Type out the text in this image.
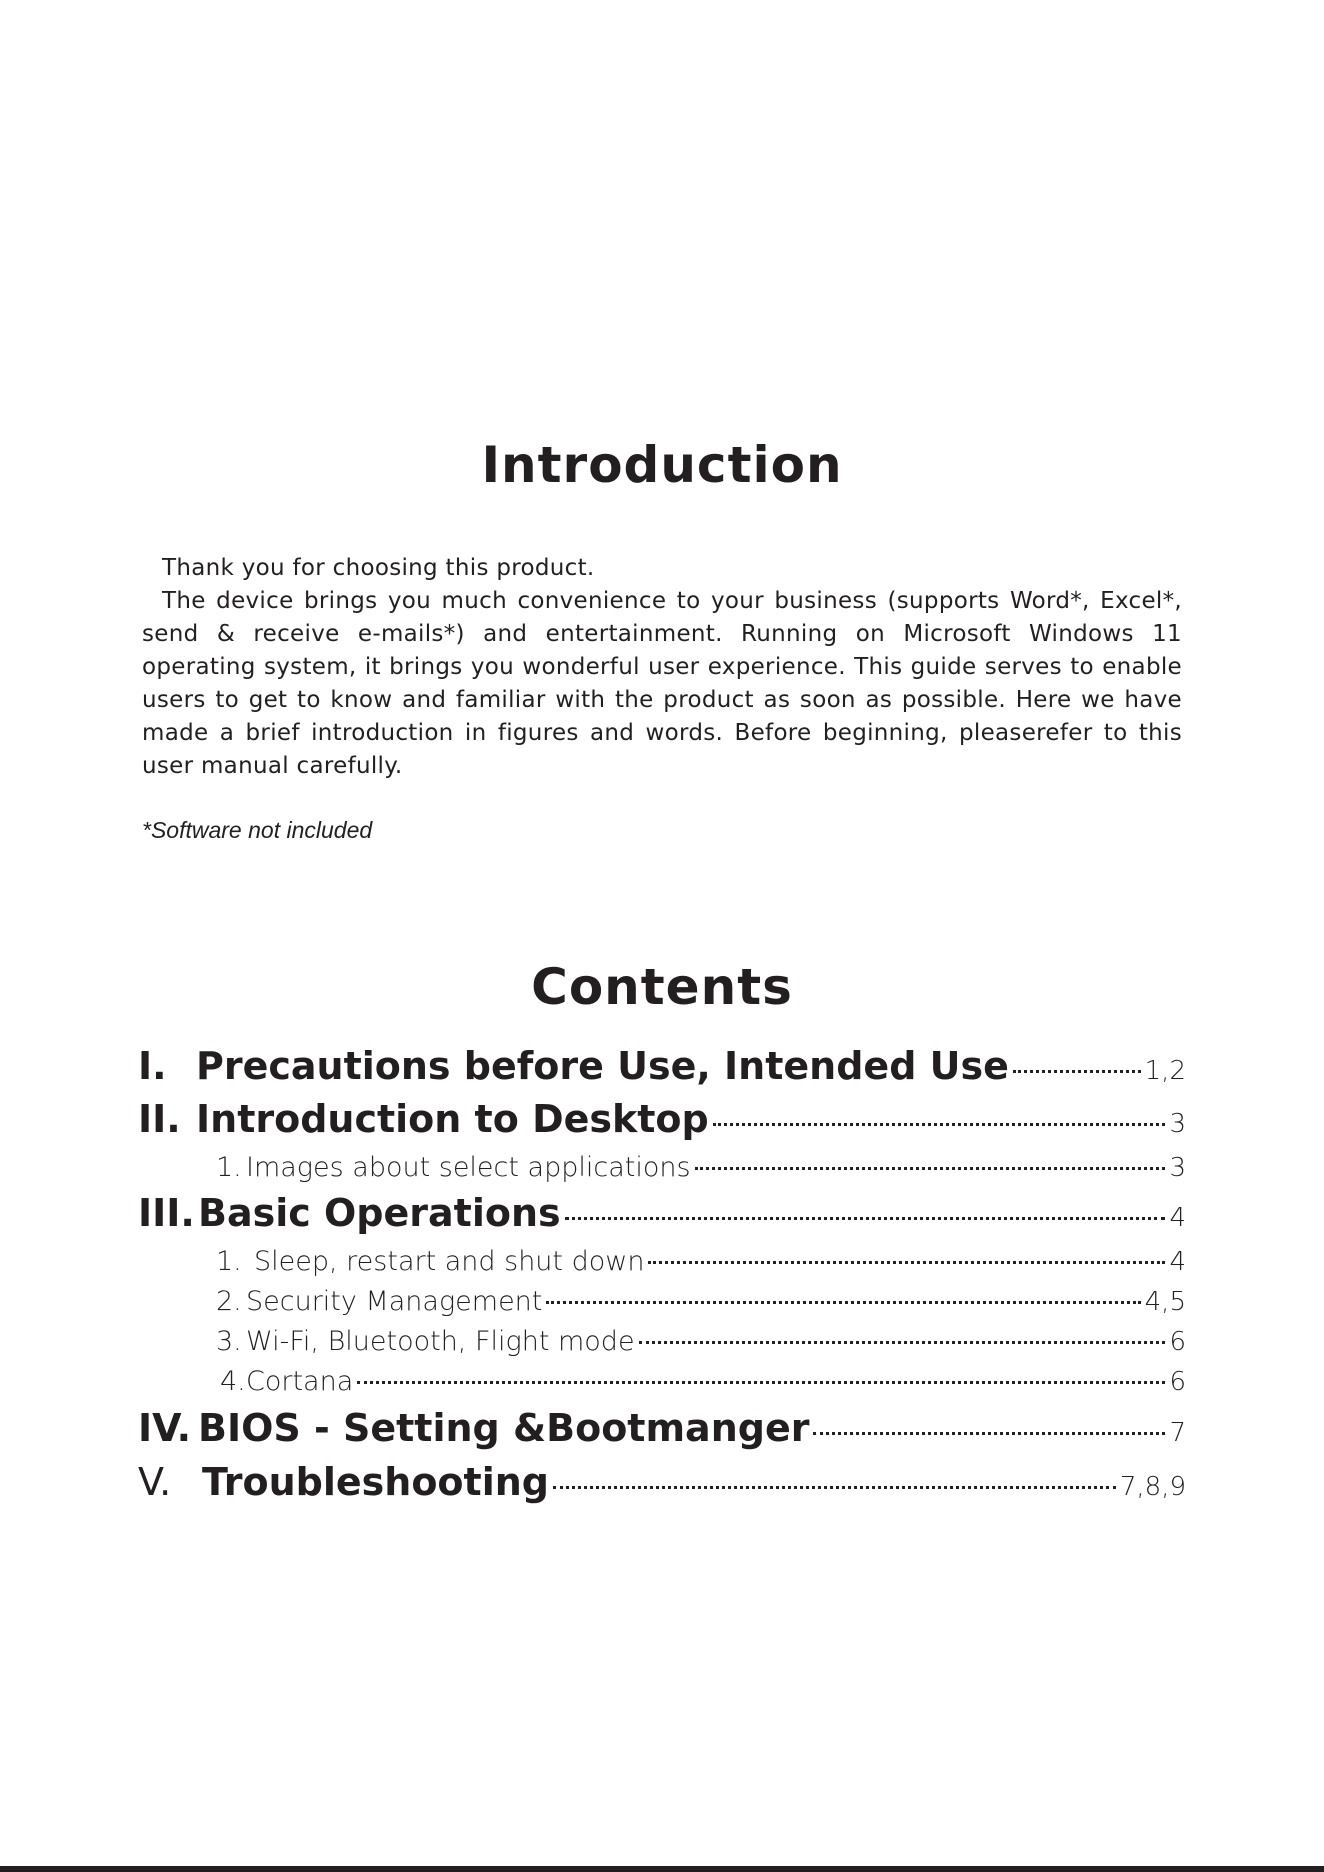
Introduction

Thank you for choosing this product.

The device brings you much convenience to your business (supports Word*, Excel*, send & receive e-mails*) and entertainment. Running on Microsoft Windows 11 operating system, it brings you wonderful user experience. This guide serves to enable users to get to know and familiar with the product as soon as possible. Here we have made a brief introduction in figures and words. Before beginning, pleaserefer to this user manual carefully.

*Software not included
Contents
I. Precautions before Use, Intended Use	1,2
II. Introduction to Desktop	3
1. Images about select applications	3
III. Basic Operations	4
1. Sleep, restart and shut down	4
2. Security Management	4,5
3. Wi-Fi, Bluetooth, Flight mode	6
4. Cortana	6
IV. BIOS - Setting &Bootmanger	7
V. Troubleshooting	7,8,9
